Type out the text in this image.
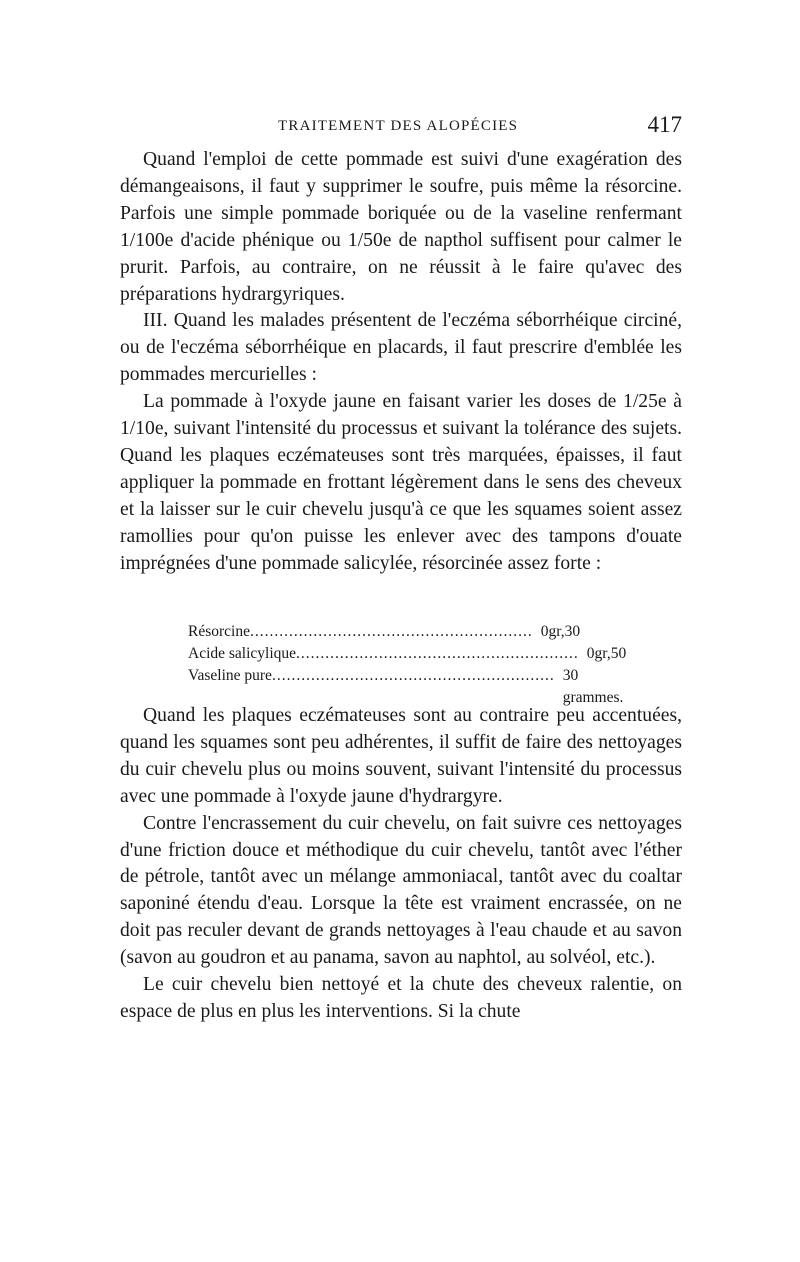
TRAITEMENT DES ALOPÉCIES	417

Quand l'emploi de cette pommade est suivi d'une exagération des démangeaisons, il faut y supprimer le soufre, puis même la résorcine. Parfois une simple pommade boriquée ou de la vaseline renfermant 1/100e d'acide phénique ou 1/50e de napthol suffisent pour calmer le prurit. Parfois, au contraire, on ne réussit à le faire qu'avec des préparations hydrargyriques.

III. Quand les malades présentent de l'eczéma séborrhéique circiné, ou de l'eczéma séborrhéique en placards, il faut prescrire d'emblée les pommades mercurielles :

La pommade à l'oxyde jaune en faisant varier les doses de 1/25e à 1/10e, suivant l'intensité du processus et suivant la tolérance des sujets. Quand les plaques eczémateuses sont très marquées, épaisses, il faut appliquer la pommade en frottant légèrement dans le sens des cheveux et la laisser sur le cuir chevelu jusqu'à ce que les squames soient assez ramollies pour qu'on puisse les enlever avec des tampons d'ouate imprégnées d'une pommade salicylée, résorcinée assez forte :

Résorcine.......................................................... 0gr,30
Acide salicylique.......................................................... 0gr,50
Vaseline pure.......................................................... 30 grammes.

Quand les plaques eczémateuses sont au contraire peu accentuées, quand les squames sont peu adhérentes, il suffit de faire des nettoyages du cuir chevelu plus ou moins souvent, suivant l'intensité du processus avec une pommade à l'oxyde jaune d'hydrargyre.

Contre l'encrassement du cuir chevelu, on fait suivre ces nettoyages d'une friction douce et méthodique du cuir chevelu, tantôt avec l'éther de pétrole, tantôt avec un mélange ammoniacal, tantôt avec du coaltar saponiné étendu d'eau. Lorsque la tête est vraiment encrassée, on ne doit pas reculer devant de grands nettoyages à l'eau chaude et au savon (savon au goudron et au panama, savon au naphtol, au solvéol, etc.).

Le cuir chevelu bien nettoyé et la chute des cheveux ralentie, on espace de plus en plus les interventions. Si la chute
